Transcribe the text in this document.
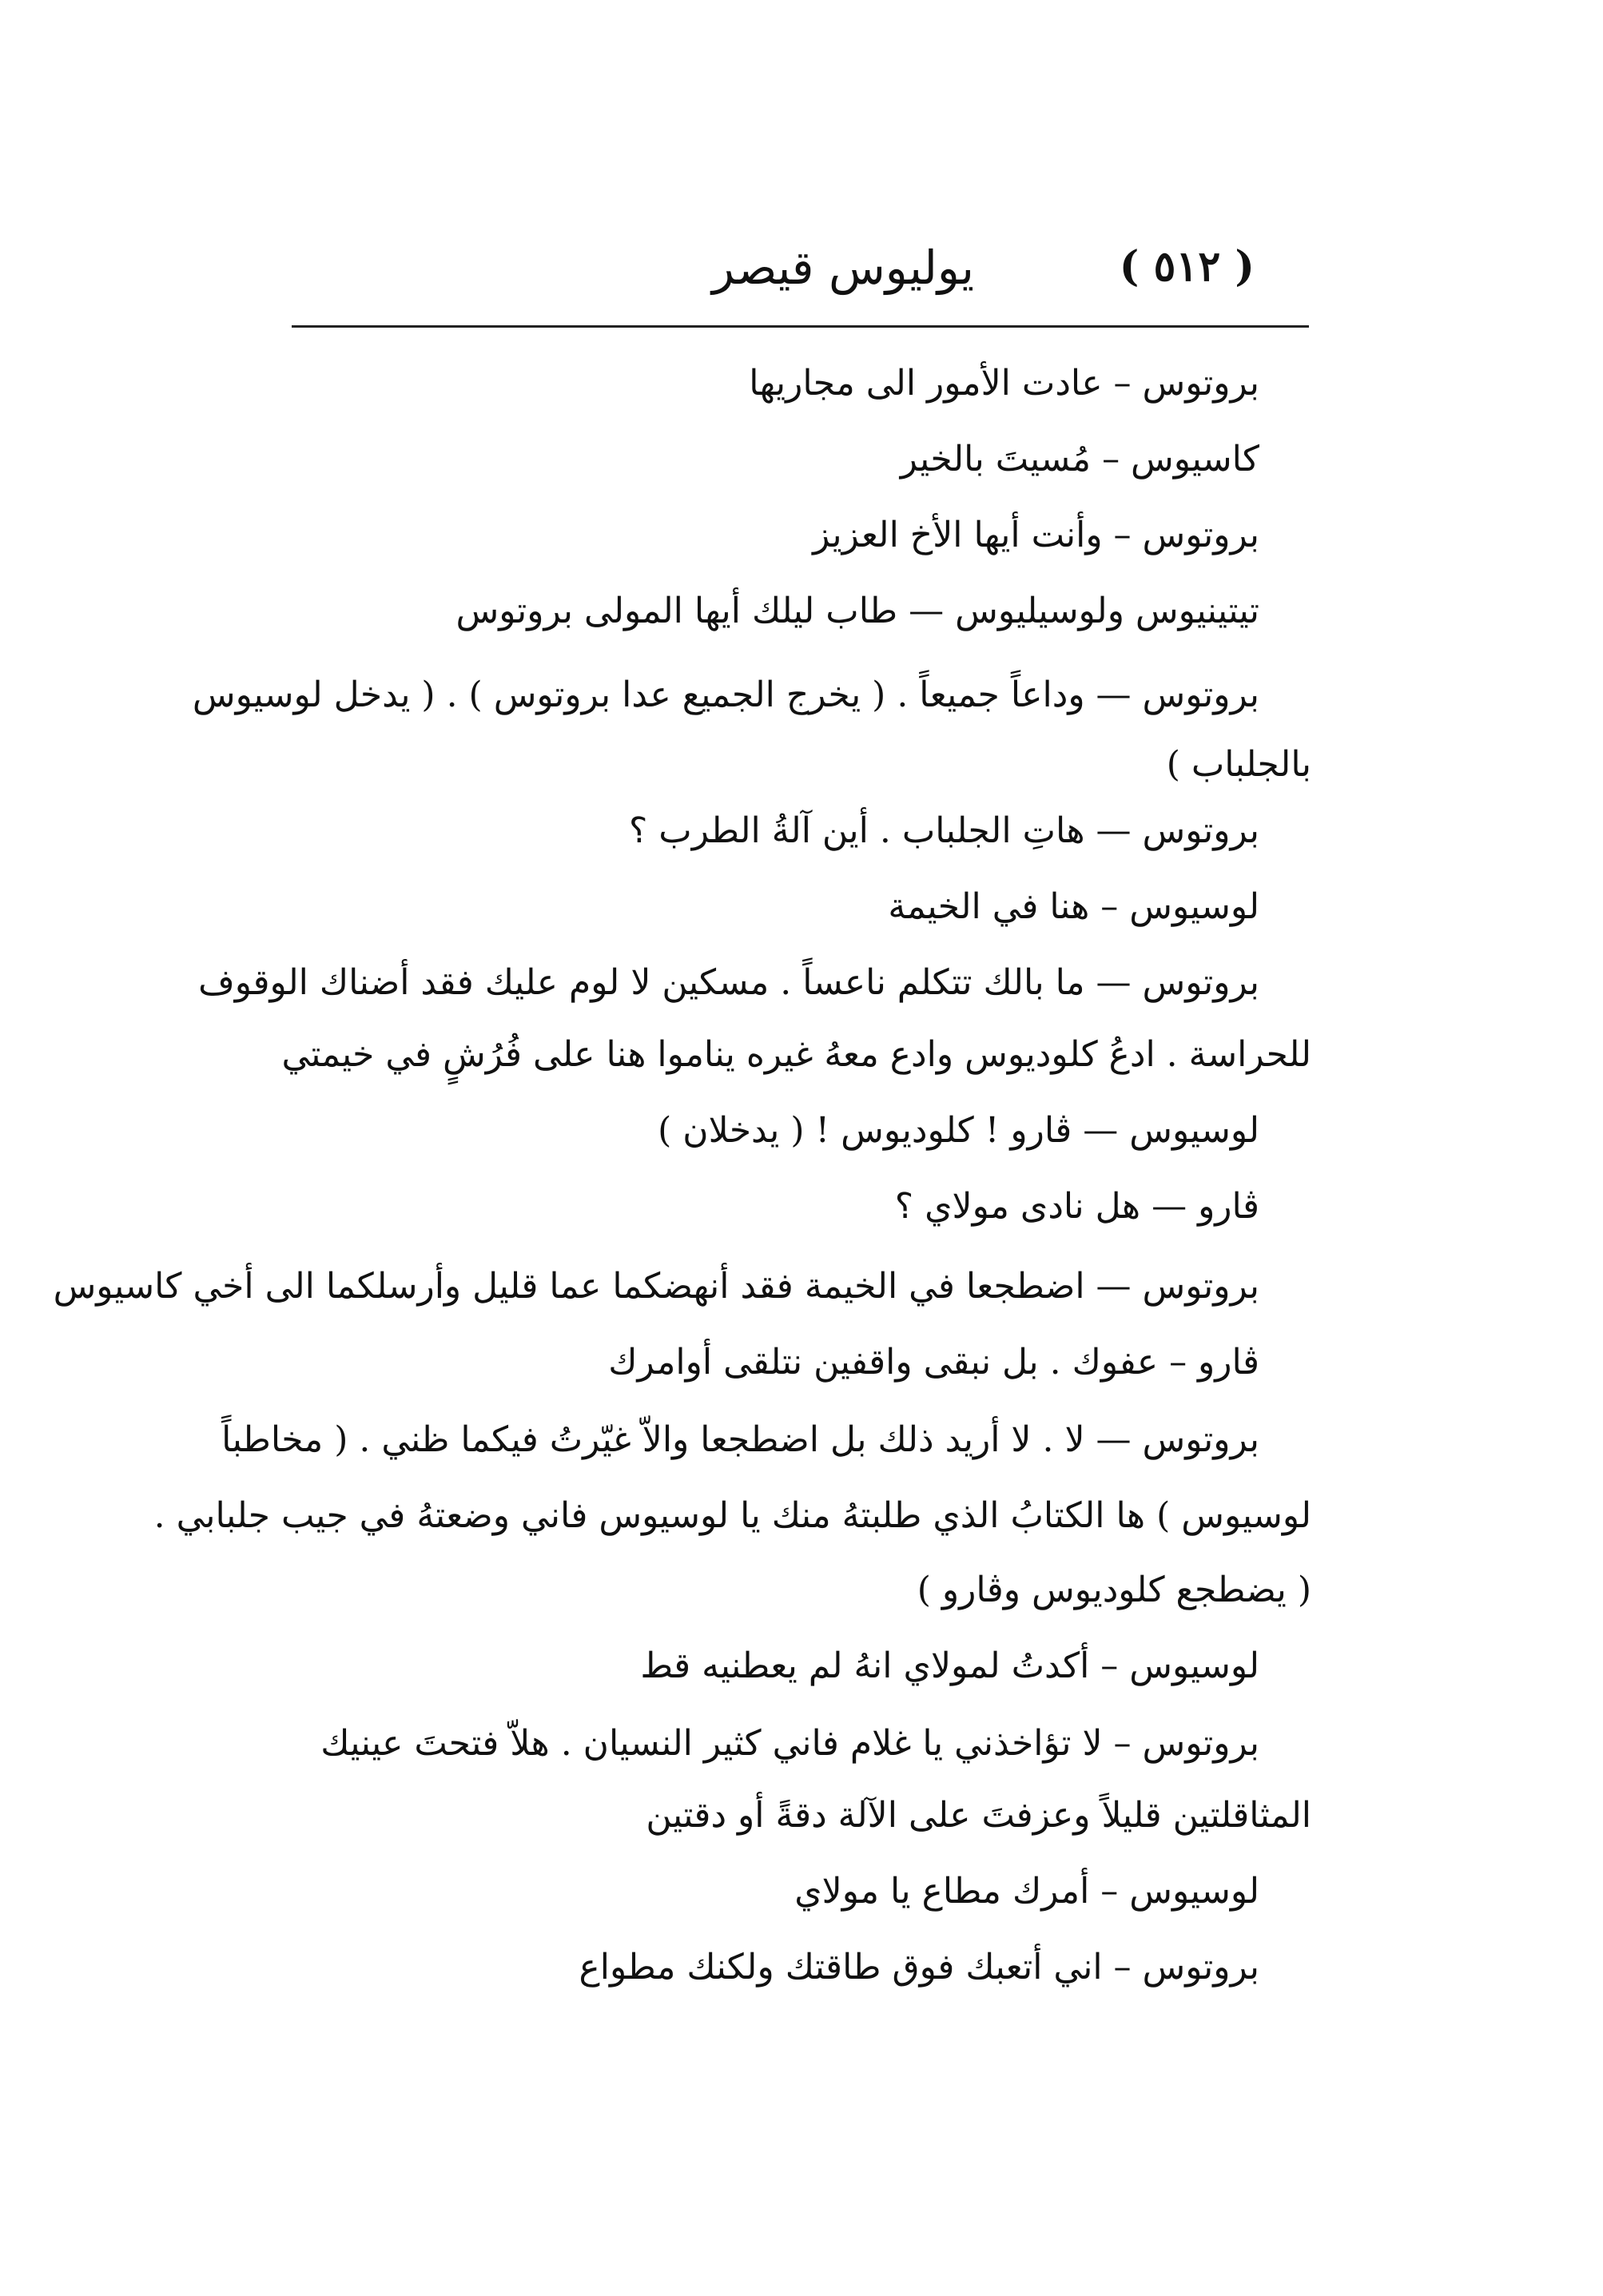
( ٥١٢ )
يوليوس قيصر
بروتوس – عادت الأمور الى مجاريها
كاسيوس – مُسيتَ بالخير
بروتوس – وأنت أيها الأخ العزيز
تيتينيوس ولوسيليوس — طاب ليلك أيها المولى بروتوس
بروتوس — وداعاً جميعاً . ( يخرج الجميع عدا بروتوس ) . ( يدخل لوسيوس
بالجلباب )
بروتوس — هاتِ الجلباب . أين آلةُ الطرب ؟
لوسيوس – هنا في الخيمة
بروتوس — ما بالك تتكلم ناعساً . مسكين لا لوم عليك فقد أضناك الوقوف
للحراسة . ادعُ كلوديوس وادع معهُ غيره يناموا هنا على فُرُشٍ في خيمتي
لوسيوس — ڤارو ! كلوديوس ! ( يدخلان )
ڤارو — هل نادى مولاي ؟
بروتوس — اضطجعا في الخيمة فقد أنهضكما عما قليل وأرسلكما الى أخي كاسيوس
ڤارو – عفوك . بل نبقى واقفين نتلقى أوامرك
بروتوس — لا . لا أريد ذلك بل اضطجعا والاّ غيّرتُ فيكما ظني . ( مخاطباً
لوسيوس ) ها الكتابُ الذي طلبتهُ منك يا لوسيوس فاني وضعتهُ في جيب جلبابي .
( يضطجع كلوديوس وڤارو )
لوسيوس – أكدتُ لمولاي انهُ لم يعطنيه قط
بروتوس – لا تؤاخذني يا غلام فاني كثير النسيان . هلاّ فتحتَ عينيك
المثاقلتين قليلاً وعزفتَ على الآلة دقةً أو دقتين
لوسيوس – أمرك مطاع يا مولاي
بروتوس – اني أتعبك فوق طاقتك ولكنك مطواع
